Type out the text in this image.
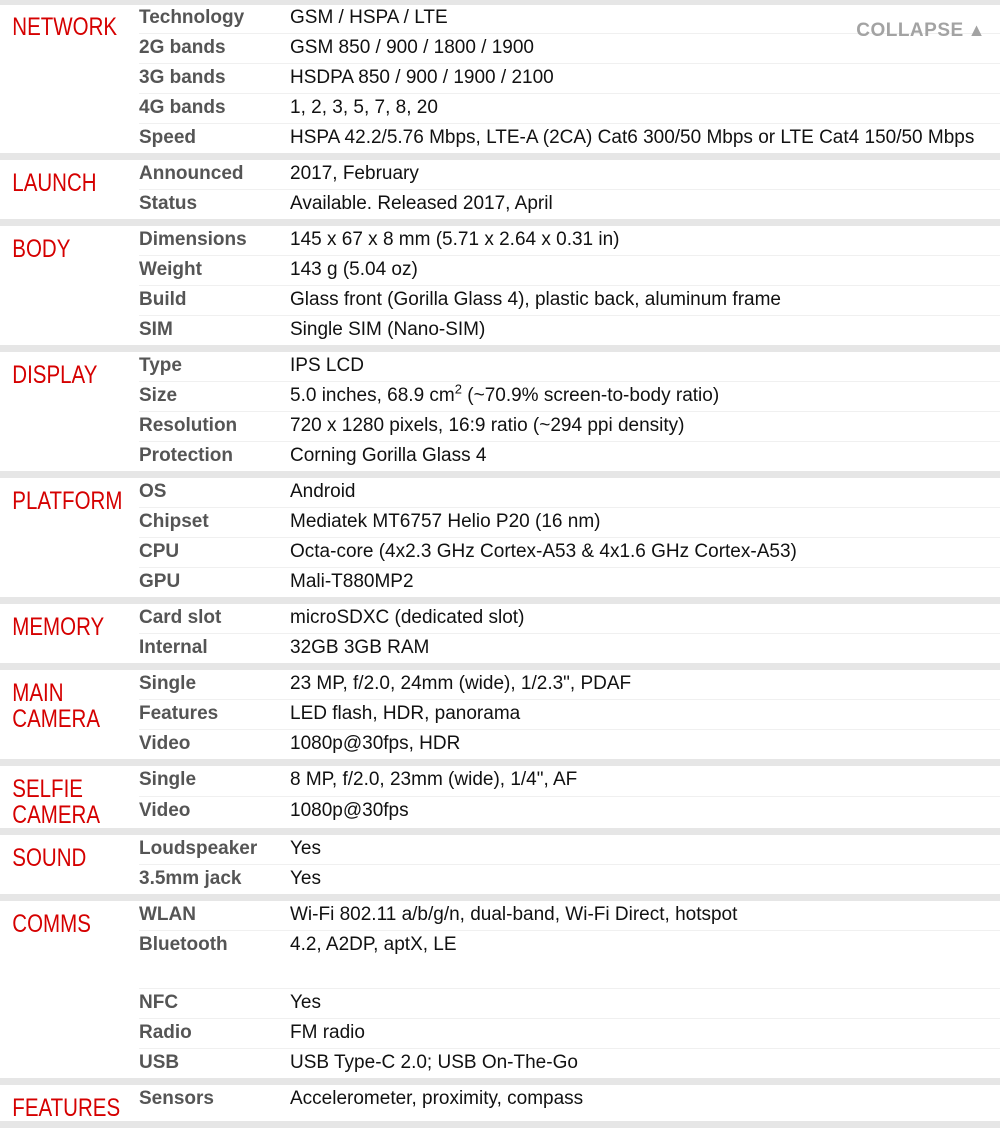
COLLAPSE ▲
NETWORK	Technology	GSM / HSPA / LTE
	2G bands	GSM 850 / 900 / 1800 / 1900
	3G bands	HSDPA 850 / 900 / 1900 / 2100
	4G bands	1, 2, 3, 5, 7, 8, 20
	Speed	HSPA 42.2/5.76 Mbps, LTE-A (2CA) Cat6 300/50 Mbps or LTE Cat4 150/50 Mbps
LAUNCH	Announced	2017, February
	Status	Available. Released 2017, April
BODY	Dimensions	145 x 67 x 8 mm (5.71 x 2.64 x 0.31 in)
	Weight	143 g (5.04 oz)
	Build	Glass front (Gorilla Glass 4), plastic back, aluminum frame
	SIM	Single SIM (Nano-SIM)
DISPLAY	Type	IPS LCD
	Size	5.0 inches, 68.9 $cm^2$ (~70.9% screen-to-body ratio)
	Resolution	720 x 1280 pixels, 16:9 ratio (~294 ppi density)
	Protection	Corning Gorilla Glass 4
PLATFORM	OS	Android
	Chipset	Mediatek MT6757 Helio P20 (16 nm)
	CPU	Octa-core (4x2.3 GHz Cortex-A53 & 4x1.6 GHz Cortex-A53)
	GPU	Mali-T880MP2
MEMORY	Card slot	microSDXC (dedicated slot)
	Internal	32GB 3GB RAM
MAIN CAMERA	Single	23 MP, f/2.0, 24mm (wide), 1/2.3", PDAF
	Features	LED flash, HDR, panorama
	Video	1080p@30fps, HDR
SELFIE CAMERA	Single	8 MP, f/2.0, 23mm (wide), 1/4", AF
	Video	1080p@30fps
SOUND	Loudspeaker	Yes
	3.5mm jack	Yes
COMMS	WLAN	Wi-Fi 802.11 a/b/g/n, dual-band, Wi-Fi Direct, hotspot
	Bluetooth	4.2, A2DP, aptX, LE
	NFC	Yes
	Radio	FM radio
	USB	USB Type-C 2.0; USB On-The-Go
FEATURES	Sensors	Accelerometer, proximity, compass
